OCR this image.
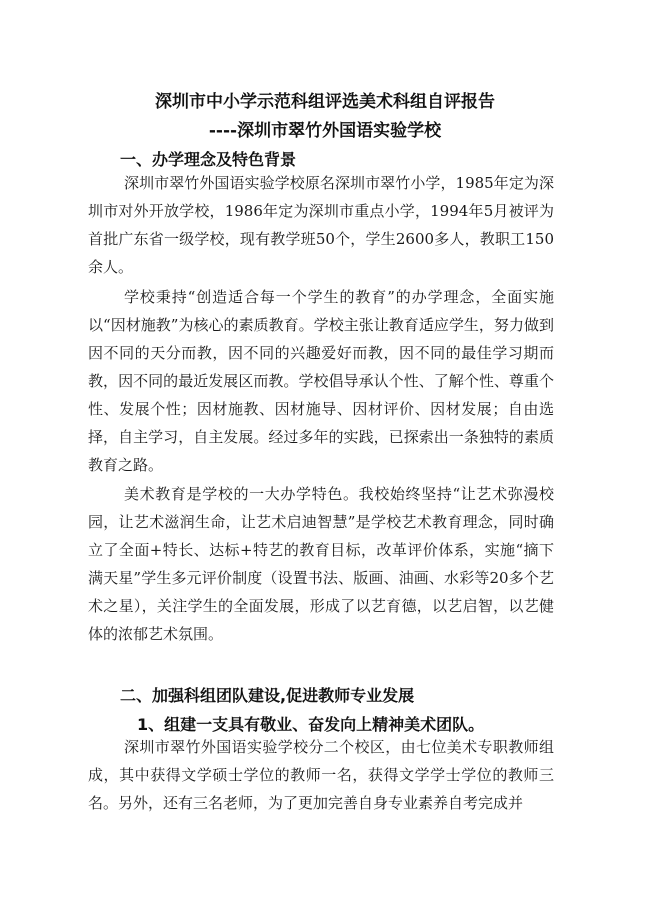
深圳市中小学示范科组评选美术科组自评报告
----深圳市翠竹外国语实验学校
一、办学理念及特色背景

深圳市翠竹外国语实验学校原名深圳市翠竹小学，1985年定为深圳市对外开放学校，1986年定为深圳市重点小学，1994年5月被评为首批广东省一级学校，现有教学班50个，学生2600多人，教职工150余人。

学校秉持“创造适合每一个学生的教育”的办学理念，全面实施以“因材施教”为核心的素质教育。学校主张让教育适应学生，努力做到因不同的天分而教，因不同的兴趣爱好而教，因不同的最佳学习期而教，因不同的最近发展区而教。学校倡导承认个性、了解个性、尊重个性、发展个性；因材施教、因材施导、因材评价、因材发展；自由选择，自主学习，自主发展。经过多年的实践，已探索出一条独特的素质教育之路。

美术教育是学校的一大办学特色。我校始终坚持“让艺术弥漫校园，让艺术滋润生命，让艺术启迪智慧”是学校艺术教育理念，同时确立了全面+特长、达标+特艺的教育目标，改革评价体系，实施“摘下满天星”学生多元评价制度（设置书法、版画、油画、水彩等20多个艺术之星），关注学生的全面发展，形成了以艺育德，以艺启智，以艺健体的浓郁艺术氛围。

二、加强科组团队建设,促进教师专业发展
1、组建一支具有敬业、奋发向上精神美术团队。

深圳市翠竹外国语实验学校分二个校区，由七位美术专职教师组成，其中获得文学硕士学位的教师一名，获得文学学士学位的教师三名。另外，还有三名老师，为了更加完善自身专业素养自考完成并
